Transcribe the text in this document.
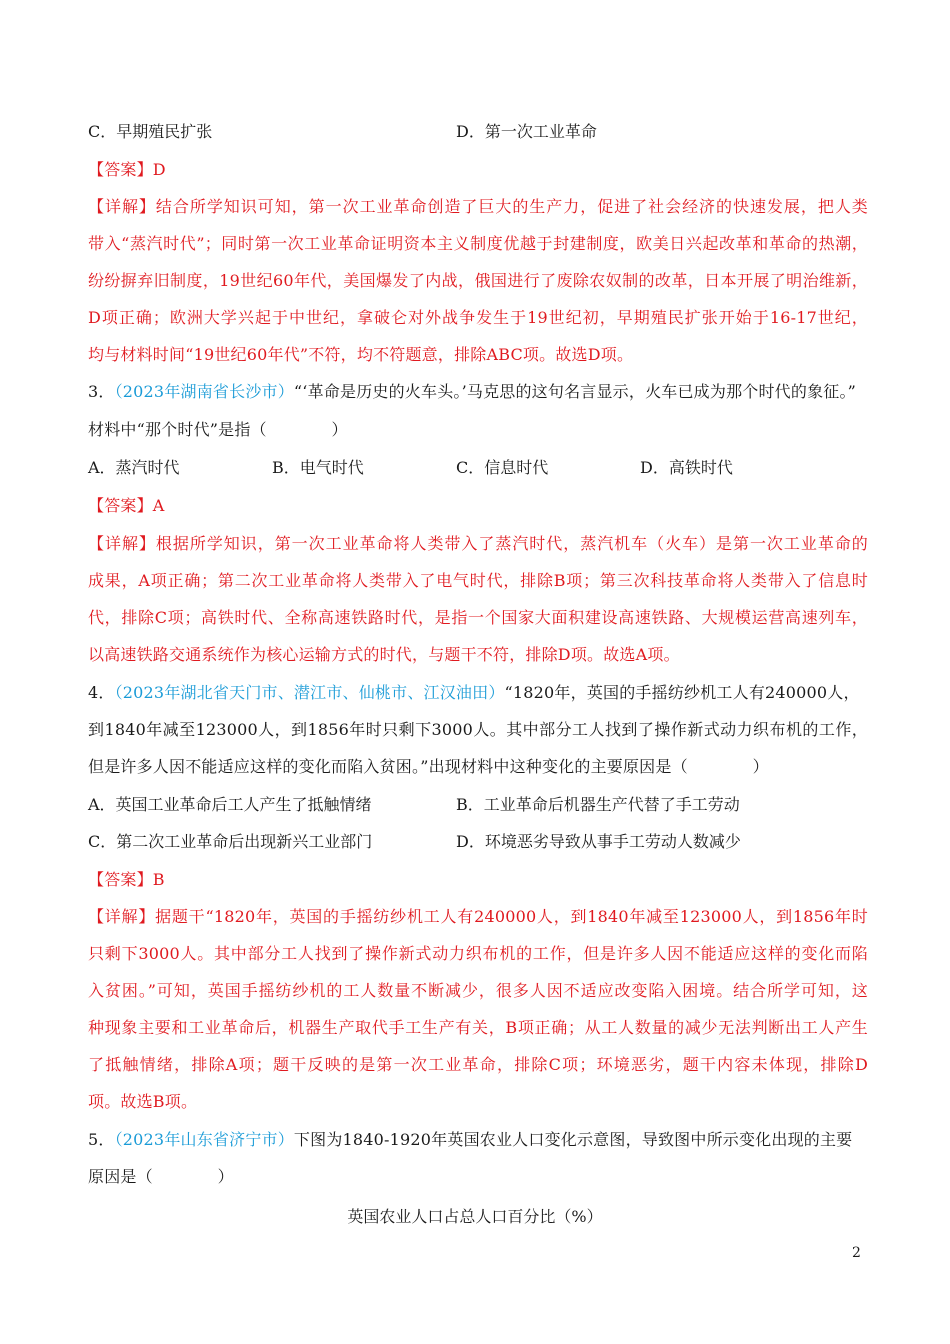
C．早期殖民扩张	D．第一次工业革命
【答案】D
【详解】结合所学知识可知，第一次工业革命创造了巨大的生产力，促进了社会经济的快速发展，把人类
带入“蒸汽时代”；同时第一次工业革命证明资本主义制度优越于封建制度，欧美日兴起改革和革命的热潮，
纷纷摒弃旧制度，19世纪60年代，美国爆发了内战，俄国进行了废除农奴制的改革，日本开展了明治维新，
D项正确；欧洲大学兴起于中世纪，拿破仑对外战争发生于19世纪初，早期殖民扩张开始于16-17世纪，
均与材料时间“19世纪60年代”不符，均不符题意，排除ABC项。故选D项。
3．（2023年湖南省长沙市）“‘革命是历史的火车头。’马克思的这句名言显示，火车已成为那个时代的象征。”
材料中“那个时代”是指（　　　　）
A．蒸汽时代	B．电气时代	C．信息时代	D．高铁时代
【答案】A
【详解】根据所学知识，第一次工业革命将人类带入了蒸汽时代，蒸汽机车（火车）是第一次工业革命的
成果，A项正确；第二次工业革命将人类带入了电气时代，排除B项；第三次科技革命将人类带入了信息时
代，排除C项；高铁时代、全称高速铁路时代，是指一个国家大面积建设高速铁路、大规模运营高速列车，
以高速铁路交通系统作为核心运输方式的时代，与题干不符，排除D项。故选A项。
4．（2023年湖北省天门市、潜江市、仙桃市、江汉油田）“1820年，英国的手摇纺纱机工人有240000人，
到1840年减至123000人，到1856年时只剩下3000人。其中部分工人找到了操作新式动力织布机的工作，
但是许多人因不能适应这样的变化而陷入贫困。”出现材料中这种变化的主要原因是（　　　　）
A．英国工业革命后工人产生了抵触情绪	B．工业革命后机器生产代替了手工劳动
C．第二次工业革命后出现新兴工业部门	D．环境恶劣导致从事手工劳动人数减少
【答案】B
【详解】据题干“1820年，英国的手摇纺纱机工人有240000人，到1840年减至123000人，到1856年时
只剩下3000人。其中部分工人找到了操作新式动力织布机的工作，但是许多人因不能适应这样的变化而陷
入贫困。”可知，英国手摇纺纱机的工人数量不断减少，很多人因不适应改变陷入困境。结合所学可知，这
种现象主要和工业革命后，机器生产取代手工生产有关，B项正确；从工人数量的减少无法判断出工人产生
了抵触情绪，排除A项；题干反映的是第一次工业革命，排除C项；环境恶劣，题干内容未体现，排除D
项。故选B项。
5．（2023年山东省济宁市）下图为1840-1920年英国农业人口变化示意图，导致图中所示变化出现的主要
原因是（　　　　）
英国农业人口占总人口百分比（%）
2
